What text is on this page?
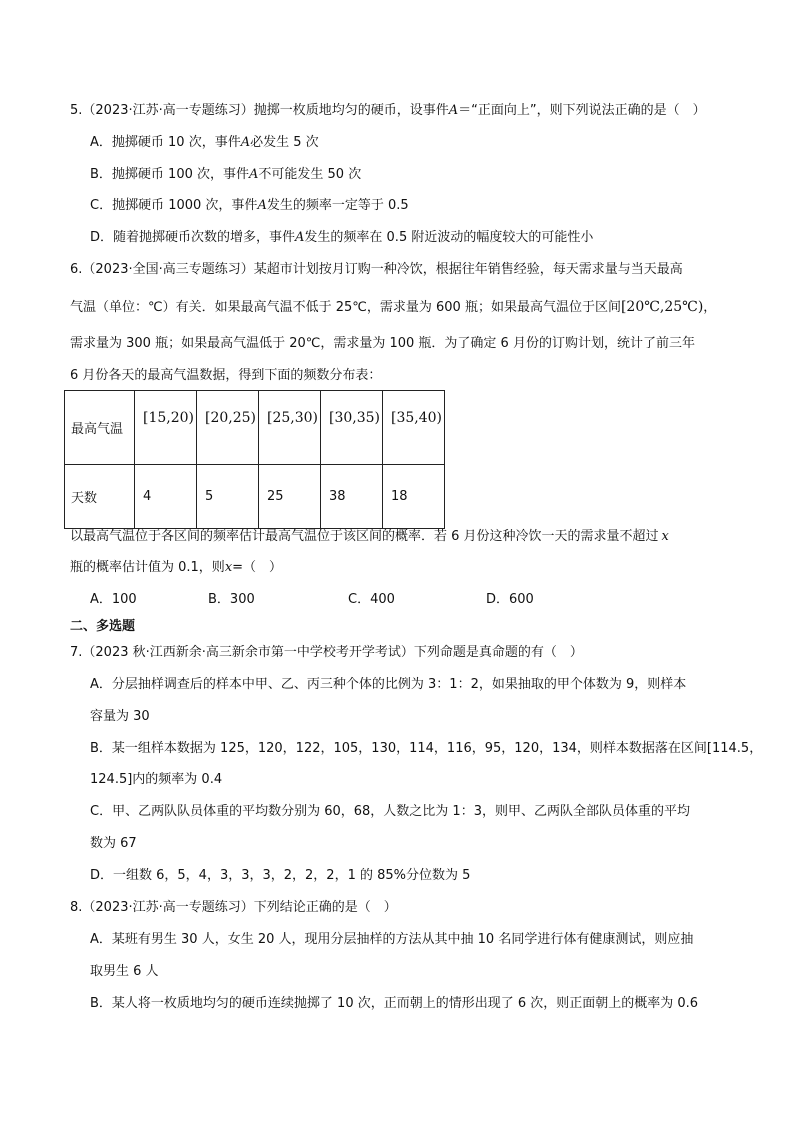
5.（2023·江苏·高一专题练习）抛掷一枚质地均匀的硬币，设事件A＝“正面向上”，则下列说法正确的是（　）
A．抛掷硬币 10 次，事件A必发生 5 次
B．抛掷硬币 100 次，事件A不可能发生 50 次
C．抛掷硬币 1000 次，事件A发生的频率一定等于 0.5
D．随着抛掷硬币次数的增多，事件A发生的频率在 0.5 附近波动的幅度较大的可能性小
6.（2023·全国·高三专题练习）某超市计划按月订购一种冷饮，根据往年销售经验，每天需求量与当天最高
气温（单位：℃）有关．如果最高气温不低于 25℃，需求量为 600 瓶；如果最高气温位于区间[20℃,25℃)，
需求量为 300 瓶；如果最高气温低于 20℃，需求量为 100 瓶．为了确定 6 月份的订购计划，统计了前三年
6 月份各天的最高气温数据，得到下面的频数分布表：
最高气温	[15,20)	[20,25)	[25,30)	[30,35)	[35,40)
天数	4	5	25	38	18
以最高气温位于各区间的频率估计最高气温位于该区间的概率．若 6 月份这种冷饮一天的需求量不超过 x
瓶的概率估计值为 0.1，则x=（　）
A．100	B．300	C．400	D．600
二、多选题
7.（2023 秋·江西新余·高三新余市第一中学校考开学考试）下列命题是真命题的有（　）
A．分层抽样调查后的样本中甲、乙、丙三种个体的比例为 3：1：2，如果抽取的甲个体数为 9，则样本
容量为 30
B．某一组样本数据为 125，120，122，105，130，114，116，95，120，134，则样本数据落在区间[114.5，
124.5]内的频率为 0.4
C．甲、乙两队队员体重的平均数分别为 60，68，人数之比为 1：3，则甲、乙两队全部队员体重的平均
数为 67
D．一组数 6，5，4，3，3，3，2，2，2，1 的 85%分位数为 5
8.（2023·江苏·高一专题练习）下列结论正确的是（　）
A．某班有男生 30 人，女生 20 人，现用分层抽样的方法从其中抽 10 名同学进行体有健康测试，则应抽
取男生 6 人
B．某人将一枚质地均匀的硬币连续抛掷了 10 次，正而朝上的情形出现了 6 次，则正面朝上的概率为 0.6
